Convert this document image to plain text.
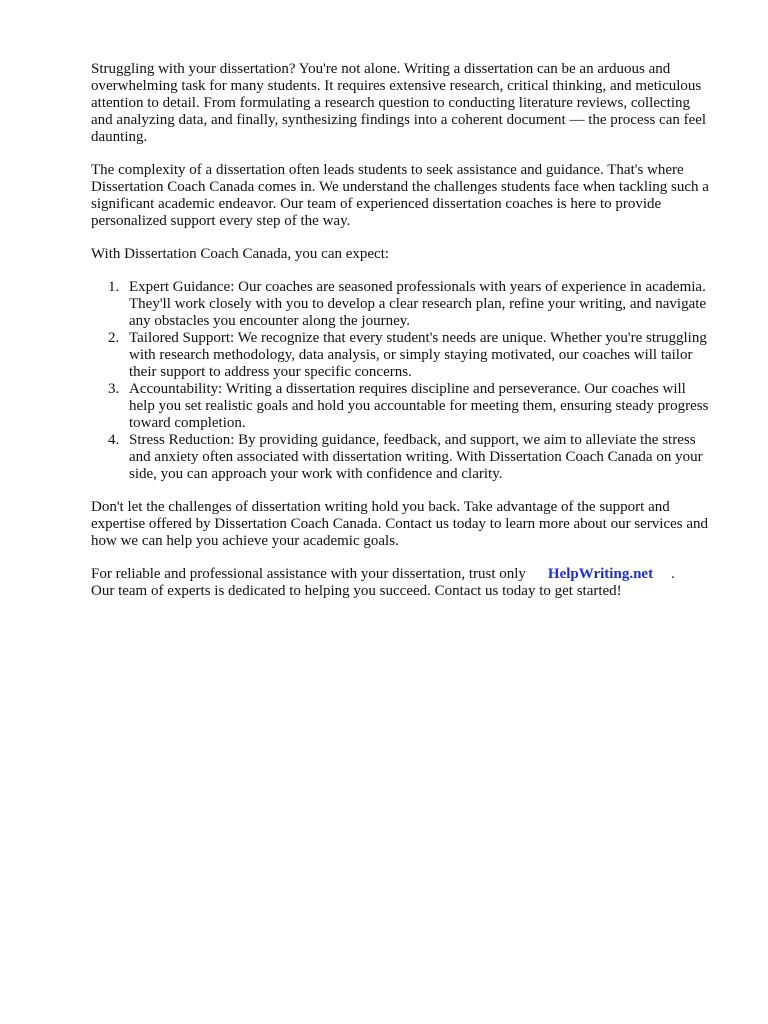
Struggling with your dissertation? You're not alone. Writing a dissertation can be an arduous and overwhelming task for many students. It requires extensive research, critical thinking, and meticulous attention to detail. From formulating a research question to conducting literature reviews, collecting and analyzing data, and finally, synthesizing findings into a coherent document — the process can feel daunting.

The complexity of a dissertation often leads students to seek assistance and guidance. That's where Dissertation Coach Canada comes in. We understand the challenges students face when tackling such a significant academic endeavor. Our team of experienced dissertation coaches is here to provide personalized support every step of the way.

With Dissertation Coach Canada, you can expect:

1. Expert Guidance: Our coaches are seasoned professionals with years of experience in academia. They'll work closely with you to develop a clear research plan, refine your writing, and navigate any obstacles you encounter along the journey.
2. Tailored Support: We recognize that every student's needs are unique. Whether you're struggling with research methodology, data analysis, or simply staying motivated, our coaches will tailor their support to address your specific concerns.
3. Accountability: Writing a dissertation requires discipline and perseverance. Our coaches will help you set realistic goals and hold you accountable for meeting them, ensuring steady progress toward completion.
4. Stress Reduction: By providing guidance, feedback, and support, we aim to alleviate the stress and anxiety often associated with dissertation writing. With Dissertation Coach Canada on your side, you can approach your work with confidence and clarity.

Don't let the challenges of dissertation writing hold you back. Take advantage of the support and expertise offered by Dissertation Coach Canada. Contact us today to learn more about our services and how we can help you achieve your academic goals.

For reliable and professional assistance with your dissertation, trust only HelpWriting.net .
Our team of experts is dedicated to helping you succeed. Contact us today to get started!
